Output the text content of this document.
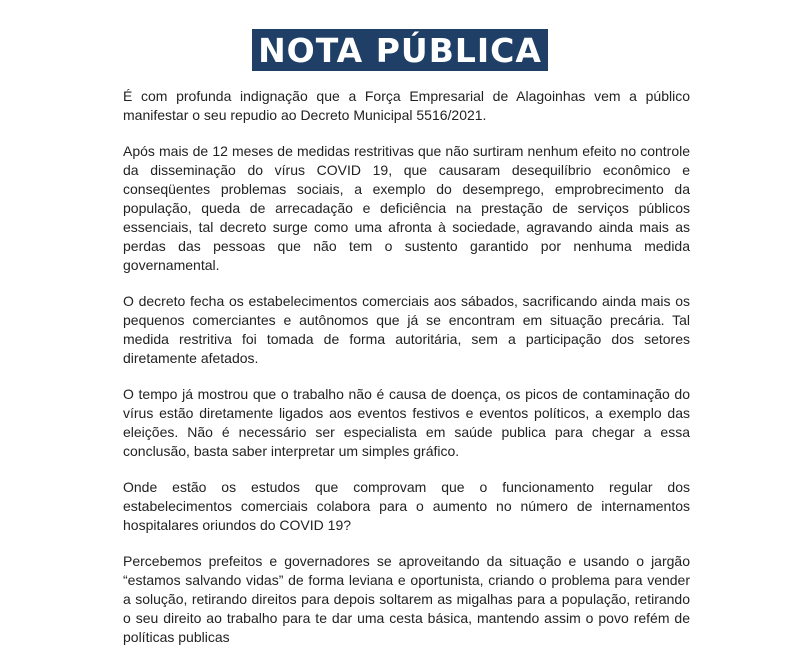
NOTA PÚBLICA

É com profunda indignação que a Força Empresarial de Alagoinhas vem a público manifestar o seu repudio ao Decreto Municipal 5516/2021.

Após mais de 12 meses de medidas restritivas que não surtiram nenhum efeito no controle da disseminação do vírus COVID 19, que causaram desequilíbrio econômico e conseqüentes problemas sociais, a exemplo do desemprego, emprobrecimento da população, queda de arrecadação e deficiência na prestação de serviços públicos essenciais, tal decreto surge como uma afronta à sociedade, agravando ainda mais as perdas das pessoas que não tem o sustento garantido por nenhuma medida governamental.

O decreto fecha os estabelecimentos comerciais aos sábados, sacrificando ainda mais os pequenos comerciantes e autônomos que já se encontram em situação precária. Tal medida restritiva foi tomada de forma autoritária, sem a participação dos setores diretamente afetados.

O tempo já mostrou que o trabalho não é causa de doença, os picos de contaminação do vírus estão diretamente ligados aos eventos festivos e eventos políticos, a exemplo das eleições. Não é necessário ser especialista em saúde publica para chegar a essa conclusão, basta saber interpretar um simples gráfico.

Onde estão os estudos que comprovam que o funcionamento regular dos estabelecimentos comerciais colabora para o aumento no número de internamentos hospitalares oriundos do COVID 19?

Percebemos prefeitos e governadores se aproveitando da situação e usando o jargão “estamos salvando vidas” de forma leviana e oportunista, criando o problema para vender a solução, retirando direitos para depois soltarem as migalhas para a população, retirando o seu direito ao trabalho para te dar uma cesta básica, mantendo assim o povo refém de políticas publicas
